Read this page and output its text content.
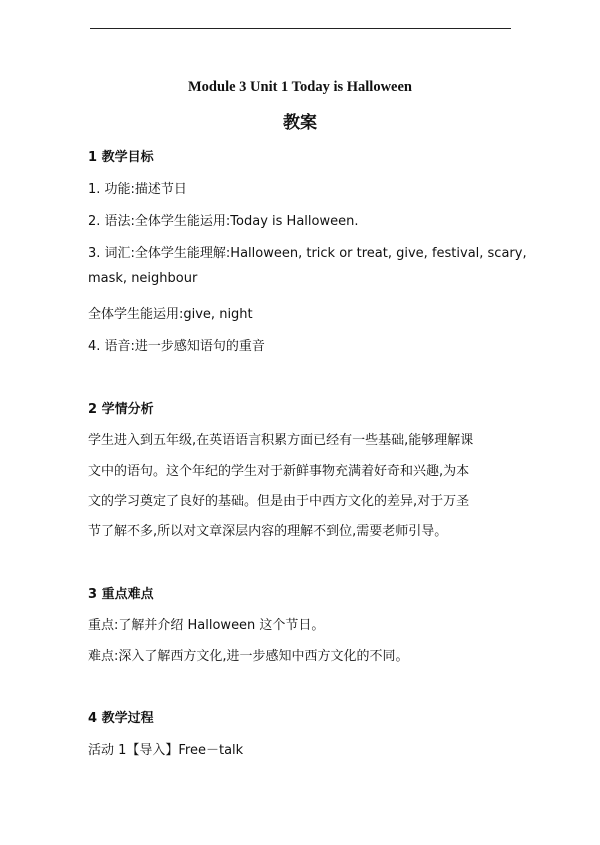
Module 3 Unit 1 Today is Halloween
教案
1 教学目标
1. 功能:描述节日
2. 语法:全体学生能运用:Today is Halloween.
3. 词汇:全体学生能理解:Halloween, trick or treat, give, festival, scary,
mask, neighbour
全体学生能运用:give, night
4. 语音:进一步感知语句的重音
2 学情分析
学生进入到五年级,在英语语言积累方面已经有一些基础,能够理解课
文中的语句。这个年纪的学生对于新鲜事物充满着好奇和兴趣,为本
文的学习奠定了良好的基础。但是由于中西方文化的差异,对于万圣
节了解不多,所以对文章深层内容的理解不到位,需要老师引导。
3 重点难点
重点:了解并介绍 Halloween 这个节日。
难点:深入了解西方文化,进一步感知中西方文化的不同。
4 教学过程
活动 1【导入】Free－talk
